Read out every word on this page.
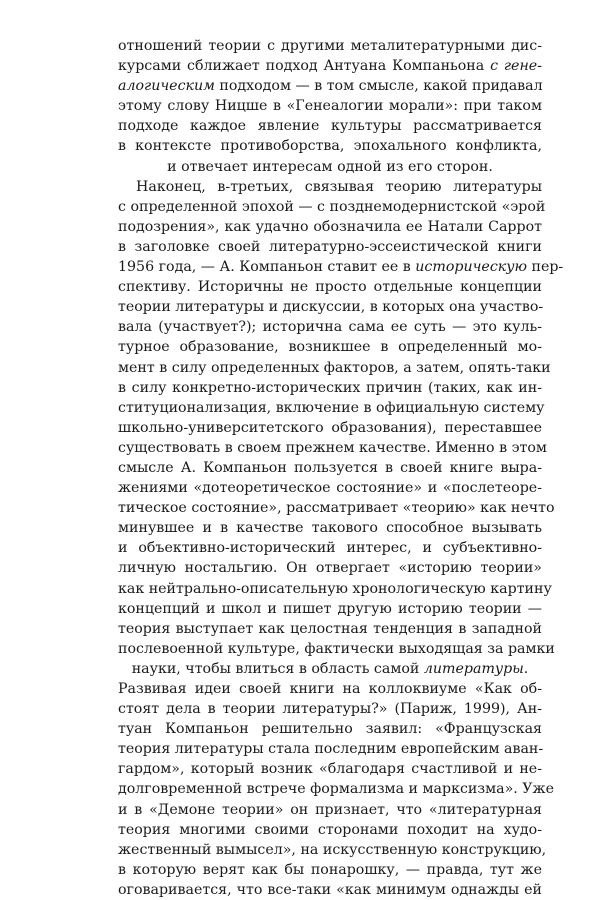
отношений теории с другими металитературными дис-
курсами сближает подход Антуана Компаньона с гене-
алогическим подходом — в том смысле, какой придавал
этому слову Ницше в «Генеалогии морали»: при таком
подходе каждое явление культуры рассматривается
в контексте противоборства, эпохального конфликта,
и отвечает интересам одной из его сторон.
Наконец, в-третьих, связывая теорию литературы
с определенной эпохой — с позднемодернистской «эрой
подозрения», как удачно обозначила ее Натали Саррот
в заголовке своей литературно-эссеистической книги
1956 года, — А. Компаньон ставит ее в историческую пер-
спективу. Историчны не просто отдельные концепции
теории литературы и дискуссии, в которых она участво-
вала (участвует?); исторична сама ее суть — это куль-
турное образование, возникшее в определенный мо-
мент в силу определенных факторов, а затем, опять-таки
в силу конкретно-исторических причин (таких, как ин-
ституционализация, включение в официальную систему
школьно-университетского образования), переставшее
существовать в своем прежнем качестве. Именно в этом
смысле А. Компаньон пользуется в своей книге выра-
жениями «дотеоретическое состояние» и «послетеоре-
тическое состояние», рассматривает «теорию» как нечто
минувшее и в качестве такового способное вызывать
и объективно-исторический интерес, и субъективно-
личную ностальгию. Он отвергает «историю теории»
как нейтрально-описательную хронологическую картину
концепций и школ и пишет другую историю теории —
теория выступает как целостная тенденция в западной
послевоенной культуре, фактически выходящая за рамки
науки, чтобы влиться в область самой литературы.
Развивая идеи своей книги на коллоквиуме «Как об-
стоят дела в теории литературы?» (Париж, 1999), Ан-
туан Компаньон решительно заявил: «Французская
теория литературы стала последним европейским аван-
гардом», который возник «благодаря счастливой и не-
долговременной встрече формализма и марксизма». Уже
и в «Демоне теории» он признает, что «литературная
теория многими своими сторонами походит на худо-
жественный вымысел», на искусственную конструкцию,
в которую верят как бы понарошку, — правда, тут же
оговаривается, что все-таки «как минимум однажды ей
